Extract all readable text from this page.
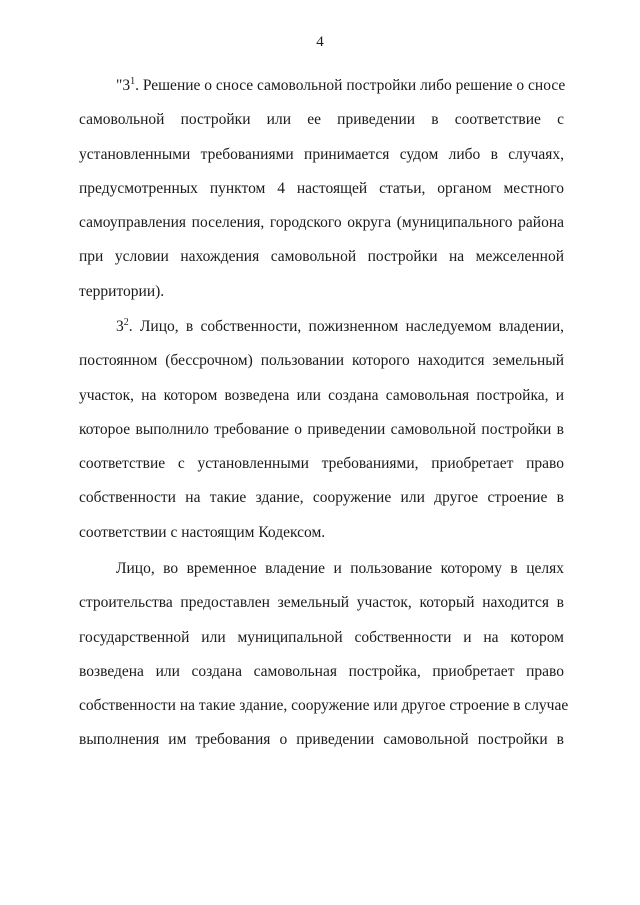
4
"$3^1$. Решение о сносе самовольной постройки либо решение о сносе
самовольной постройки или ее приведении в соответствие с
установленными требованиями принимается судом либо в случаях,
предусмотренных пунктом 4 настоящей статьи, органом местного
самоуправления поселения, городского округа (муниципального района
при условии нахождения самовольной постройки на межселенной
территории).
$3^2$. Лицо, в собственности, пожизненном наследуемом владении,
постоянном (бессрочном) пользовании которого находится земельный
участок, на котором возведена или создана самовольная постройка, и
которое выполнило требование о приведении самовольной постройки в
соответствие с установленными требованиями, приобретает право
собственности на такие здание, сооружение или другое строение в
соответствии с настоящим Кодексом.
Лицо, во временное владение и пользование которому в целях
строительства предоставлен земельный участок, который находится в
государственной или муниципальной собственности и на котором
возведена или создана самовольная постройка, приобретает право
собственности на такие здание, сооружение или другое строение в случае
выполнения им требования о приведении самовольной постройки в
